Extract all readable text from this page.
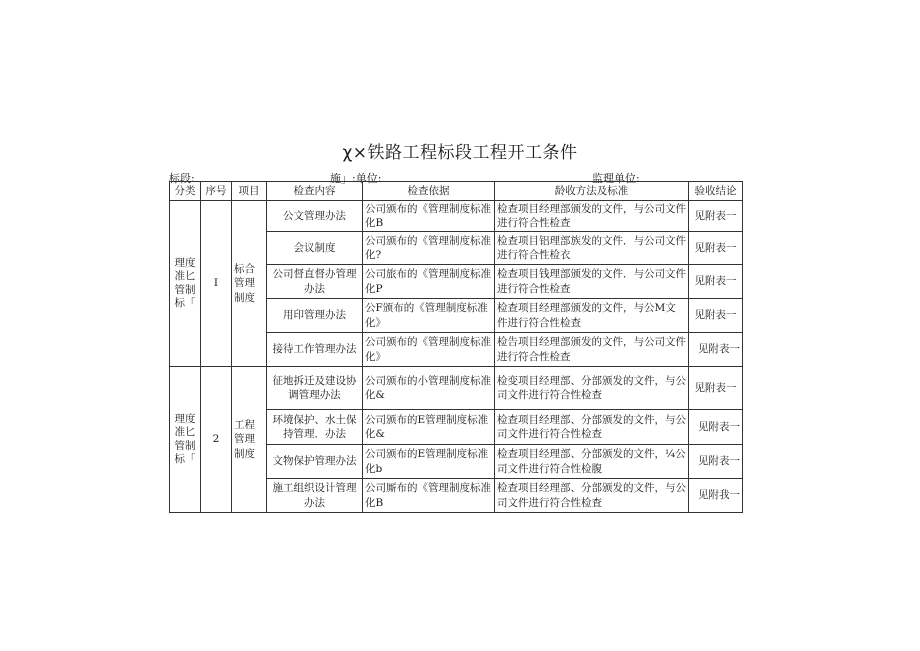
χ×铁路工程标段工程开工条件
标段:	施」:单位:	监理单位:
分类	序号	项目	检查内容	检查依据	龄收方法及标准	验收结论
理度准匕管制标「	I	标合管理制度	公文管理办法	公司颁布的《管理制度标准化B	检查项目经理部颁发的文件，与公司文件进行符合性检查	见附表一
			会议制度	公司颁布的《管理制度标准化?	检查项目铝理部族发的文件．与公司文件进行符合性检衣	见附表一
			公司督直督办管理办法	公司旅布的《管理制度标准化P	检查项目钱理部颁发的文件．与公司文件进行符合性检查	见附表一
			用印管理办法	公F颁布的《管理制度标准化》	检查项目经理部颁发的文件，与公M文件进行符合性检查	见附表一
			接待工作管理办法	公司颁布的《管理制度标准化》	检告项目经理部颁发的文件，与公司文件进行符合性检查	见附表一
理度准匕管制标「	2	工程管理制度	征地拆迁及建设协调管理办法	公司颁布的小管理制度标准化&	检变项目经理部、分部颁发的文件，与公司文件进行符合性检查	见附表一
			环境保护、水土保持管理．办法	公司颁布的E管理制度标准化&	检查项目经理部、分部颁发的文件，与公司文件进行符合性检查	见附表一
			文物保护管理办法	公司颁布的E管理制度标准化b	检查项目经理部、分部颁发的文件，¼公司文件进行符合性检腹	见附表一
			施工组织设计管理办法	公司厮布的《管理制度标准化B	检查项目经理部、分部颁发的文件，与公司文件进行符合性检査	见附我一
